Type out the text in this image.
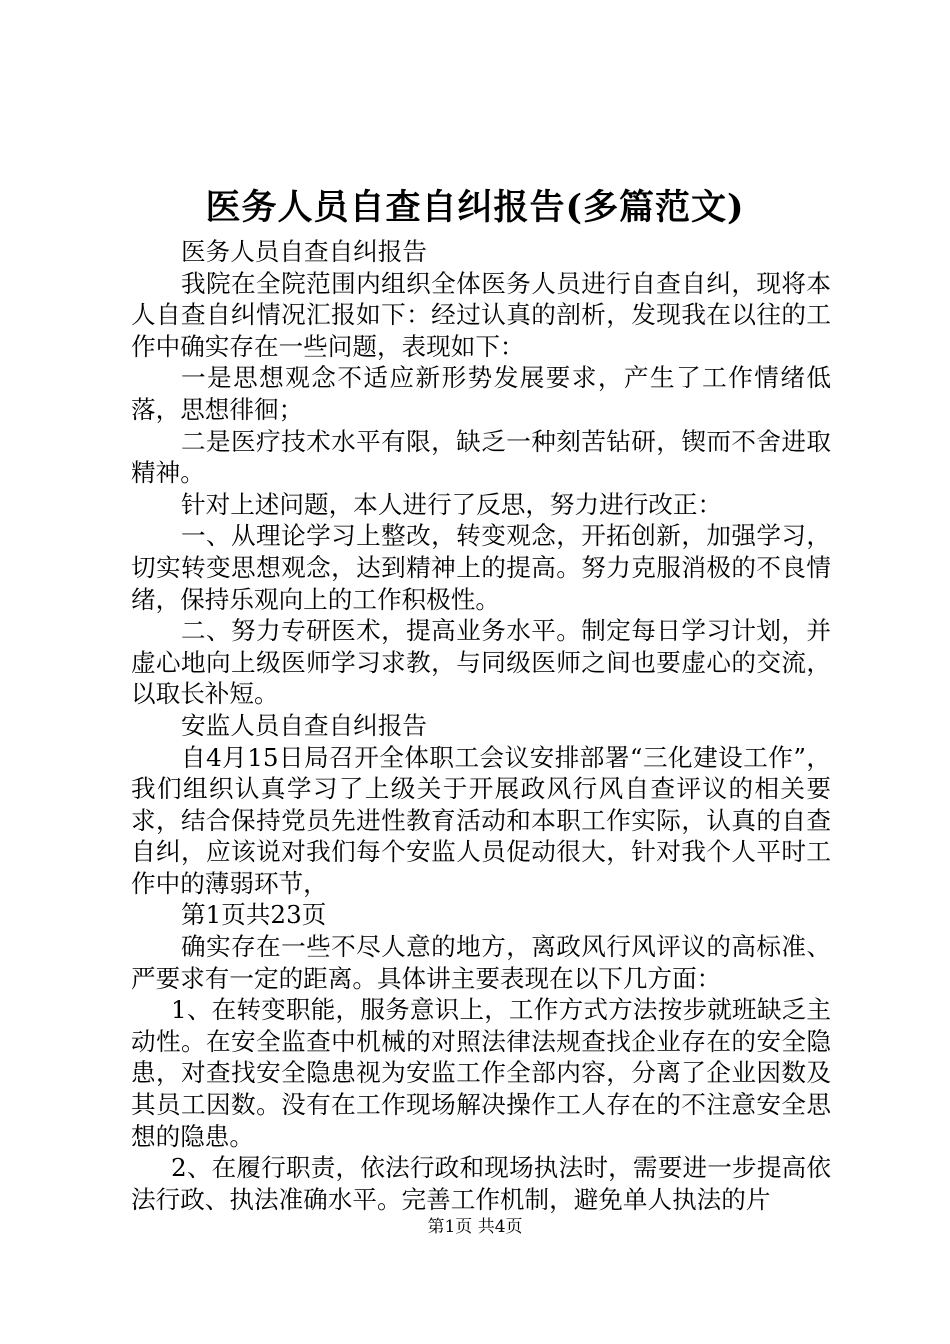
医务人员自查自纠报告(多篇范文)

医务人员自查自纠报告

我院在全院范围内组织全体医务人员进行自查自纠，现将本人自查自纠情况汇报如下：经过认真的剖析，发现我在以往的工作中确实存在一些问题，表现如下：

一是思想观念不适应新形势发展要求，产生了工作情绪低落，思想徘徊；

二是医疗技术水平有限，缺乏一种刻苦钻研，锲而不舍进取精神。

针对上述问题，本人进行了反思，努力进行改正：

一、从理论学习上整改，转变观念，开拓创新，加强学习，切实转变思想观念，达到精神上的提高。努力克服消极的不良情绪，保持乐观向上的工作积极性。

二、努力专研医术，提高业务水平。制定每日学习计划，并虚心地向上级医师学习求教，与同级医师之间也要虚心的交流，以取长补短。

安监人员自查自纠报告

自4月15日局召开全体职工会议安排部署“三化建设工作”，我们组织认真学习了上级关于开展政风行风自查评议的相关要求，结合保持党员先进性教育活动和本职工作实际，认真的自查自纠，应该说对我们每个安监人员促动很大，针对我个人平时工作中的薄弱环节，

第1页共23页

确实存在一些不尽人意的地方，离政风行风评议的高标准、严要求有一定的距离。具体讲主要表现在以下几方面：

1、在转变职能，服务意识上，工作方式方法按步就班缺乏主动性。在安全监查中机械的对照法律法规查找企业存在的安全隐患，对查找安全隐患视为安监工作全部内容，分离了企业因数及其员工因数。没有在工作现场解决操作工人存在的不注意安全思想的隐患。

2、在履行职责，依法行政和现场执法时，需要进一步提高依法行政、执法准确水平。完善工作机制，避免单人执法的片

第1页 共4页
